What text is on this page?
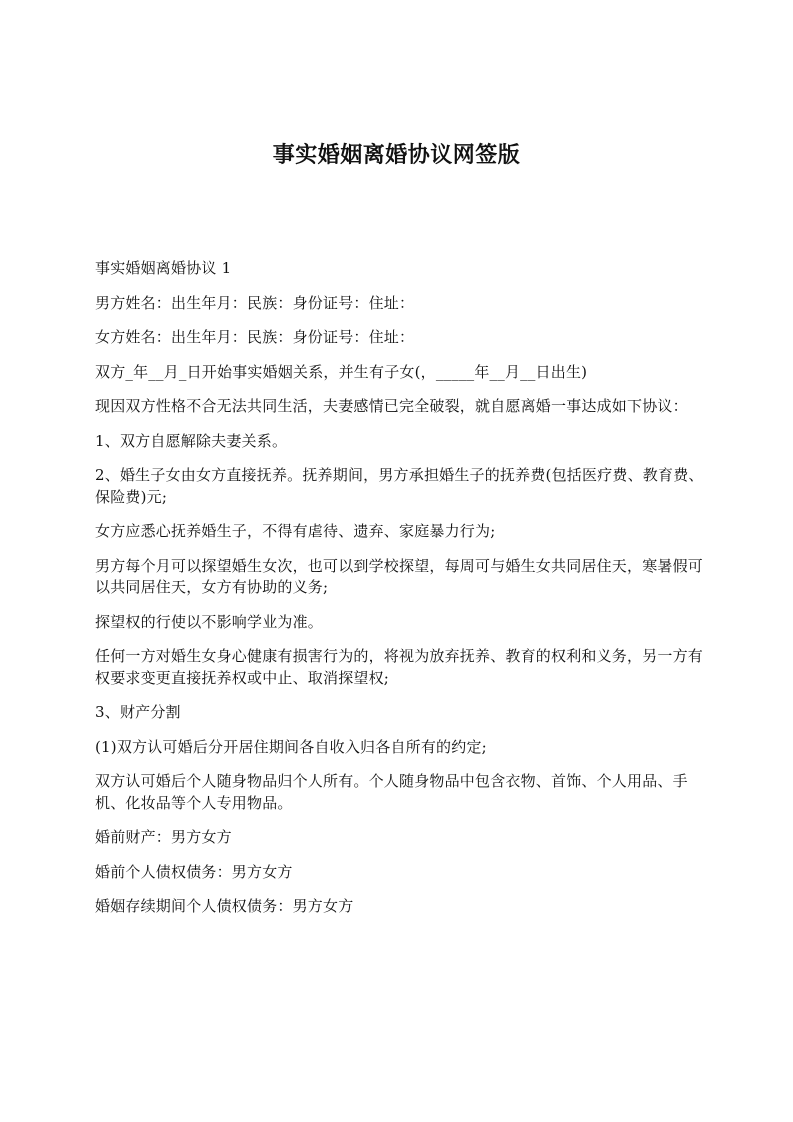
事实婚姻离婚协议网签版

事实婚姻离婚协议 1

男方姓名：出生年月：民族：身份证号：住址：

女方姓名：出生年月：民族：身份证号：住址：

双方_年__月_日开始事实婚姻关系，并生有子女(，_____年__月__日出生)

现因双方性格不合无法共同生活，夫妻感情已完全破裂，就自愿离婚一事达成如下协议：

1、双方自愿解除夫妻关系。

2、婚生子女由女方直接抚养。抚养期间，男方承担婚生子的抚养费(包括医疗费、教育费、保险费)元;

女方应悉心抚养婚生子，不得有虐待、遗弃、家庭暴力行为;

男方每个月可以探望婚生女次，也可以到学校探望，每周可与婚生女共同居住天，寒暑假可以共同居住天，女方有协助的义务;

探望权的行使以不影响学业为准。

任何一方对婚生女身心健康有损害行为的，将视为放弃抚养、教育的权利和义务，另一方有权要求变更直接抚养权或中止、取消探望权;

3、财产分割

(1)双方认可婚后分开居住期间各自收入归各自所有的约定;

双方认可婚后个人随身物品归个人所有。个人随身物品中包含衣物、首饰、个人用品、手机、化妆品等个人专用物品。

婚前财产：男方女方

婚前个人债权债务：男方女方

婚姻存续期间个人债权债务：男方女方
